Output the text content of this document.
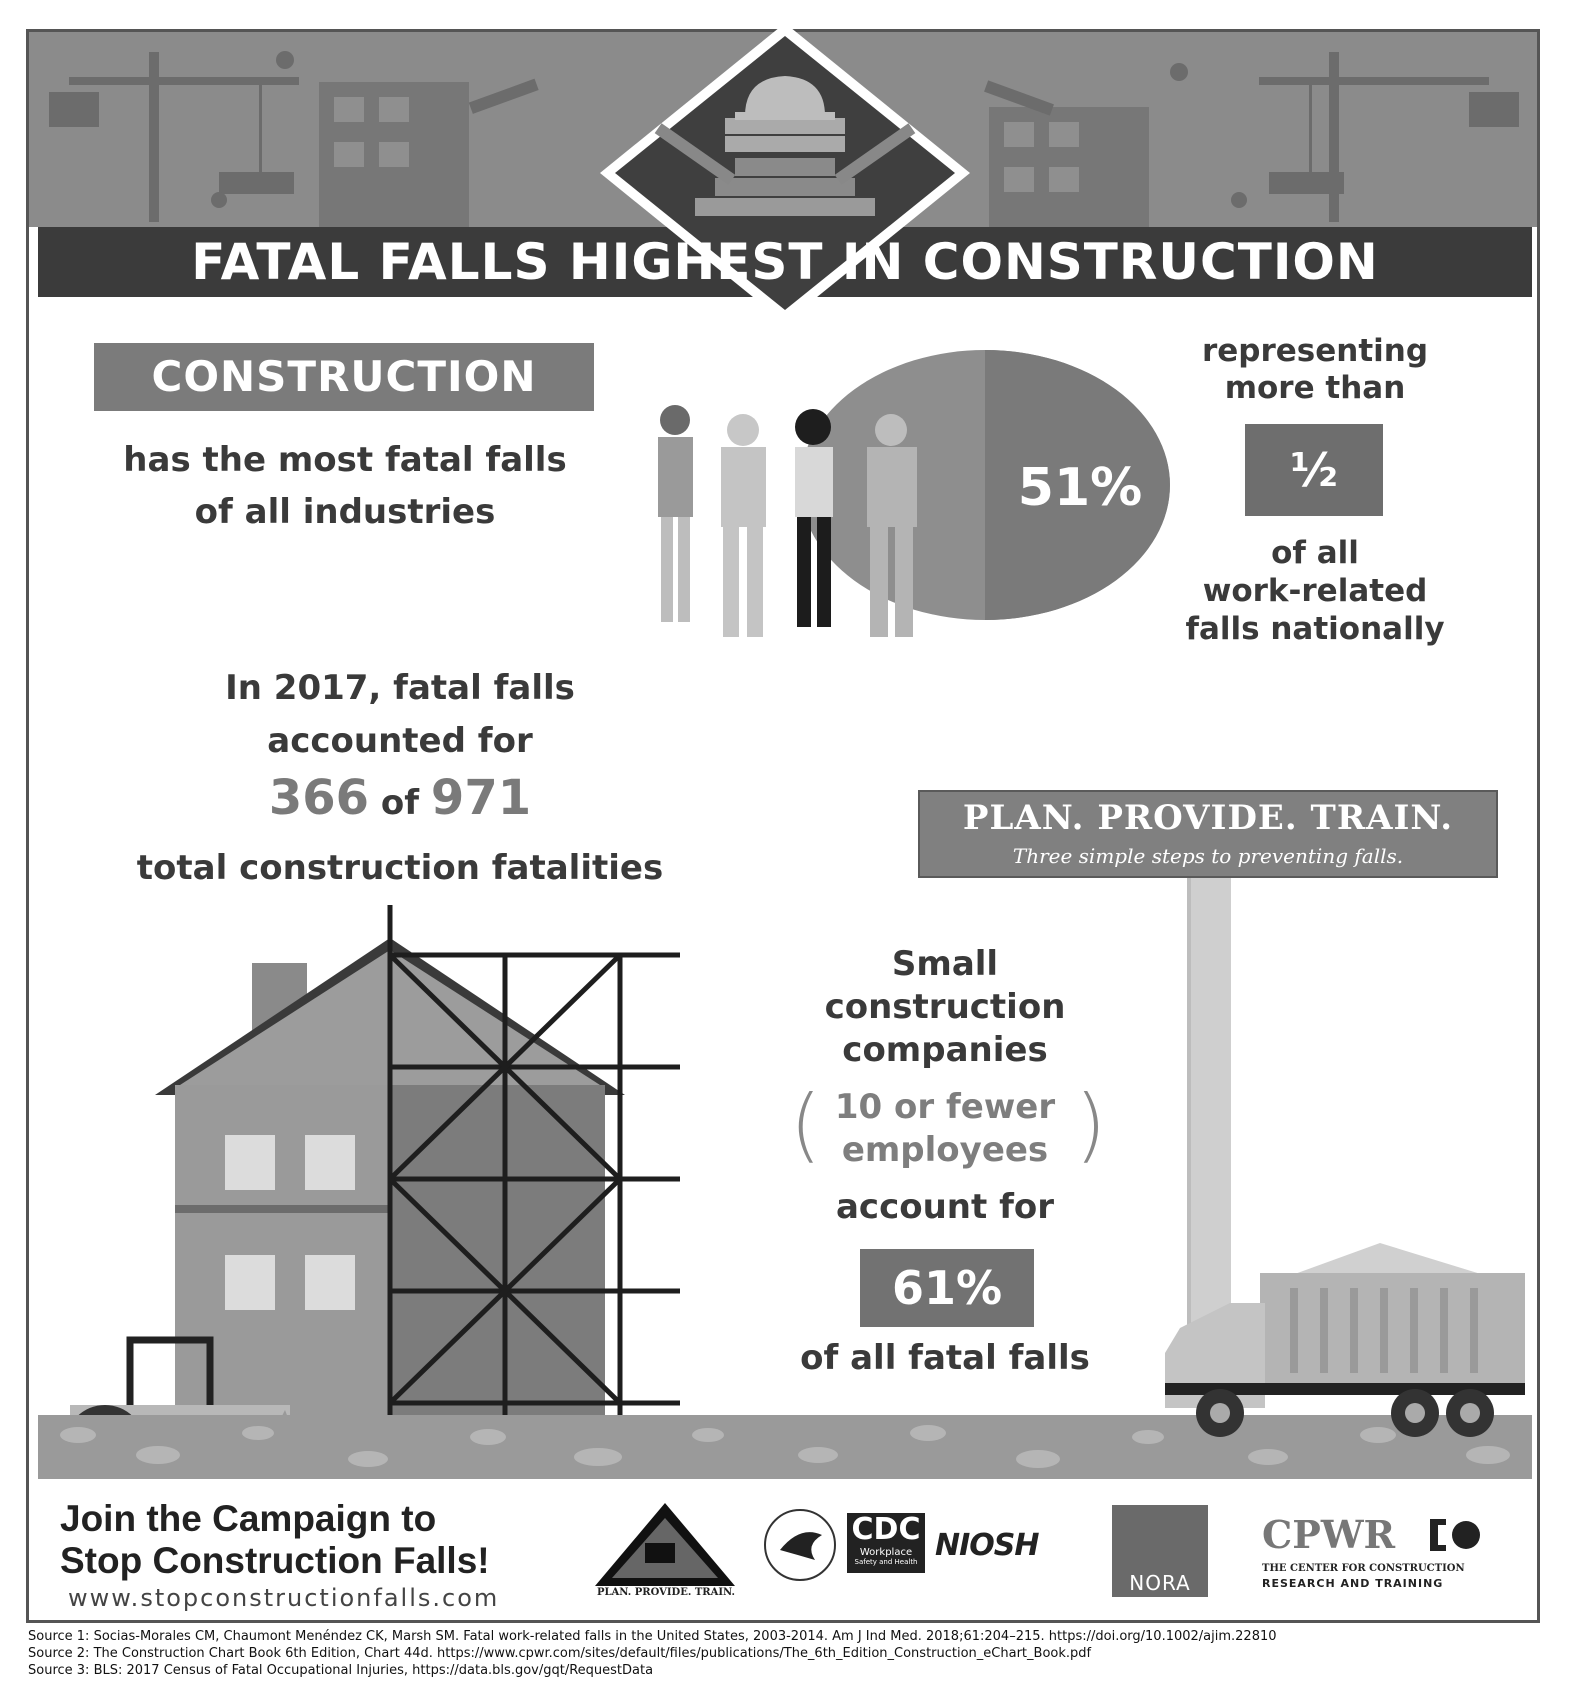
FATAL FALLS HIGHEST IN CONSTRUCTION
CONSTRUCTION
has the most fatal falls
of all industries	51%
representing
more than
½
of all
work-related
falls nationally
In 2017, fatal falls
accounted for
366 of 971
total construction fatalities
PLAN. PROVIDE. TRAIN.
Three simple steps to preventing falls.
Small
construction
companies
(	)
10 or fewer
employees
account for
61%
of all fatal falls
Join the Campaign to
Stop Construction Falls!
www.stopconstructionfalls.com	PLAN. PROVIDE. TRAIN.
CDC
Workplace
Safety and Health NIOSH
NORA
CPWR
THE CENTER FOR CONSTRUCTION
RESEARCH AND TRAINING
Source 1: Socias-Morales CM, Chaumont Menéndez CK, Marsh SM. Fatal work-related falls in the United States, 2003-2014. Am J Ind Med. 2018;61:204–215. https://doi.org/10.1002/ajim.22810
Source 2: The Construction Chart Book 6th Edition, Chart 44d. https://www.cpwr.com/sites/default/files/publications/The_6th_Edition_Construction_eChart_Book.pdf
Source 3: BLS: 2017 Census of Fatal Occupational Injuries, https://data.bls.gov/gqt/RequestData
